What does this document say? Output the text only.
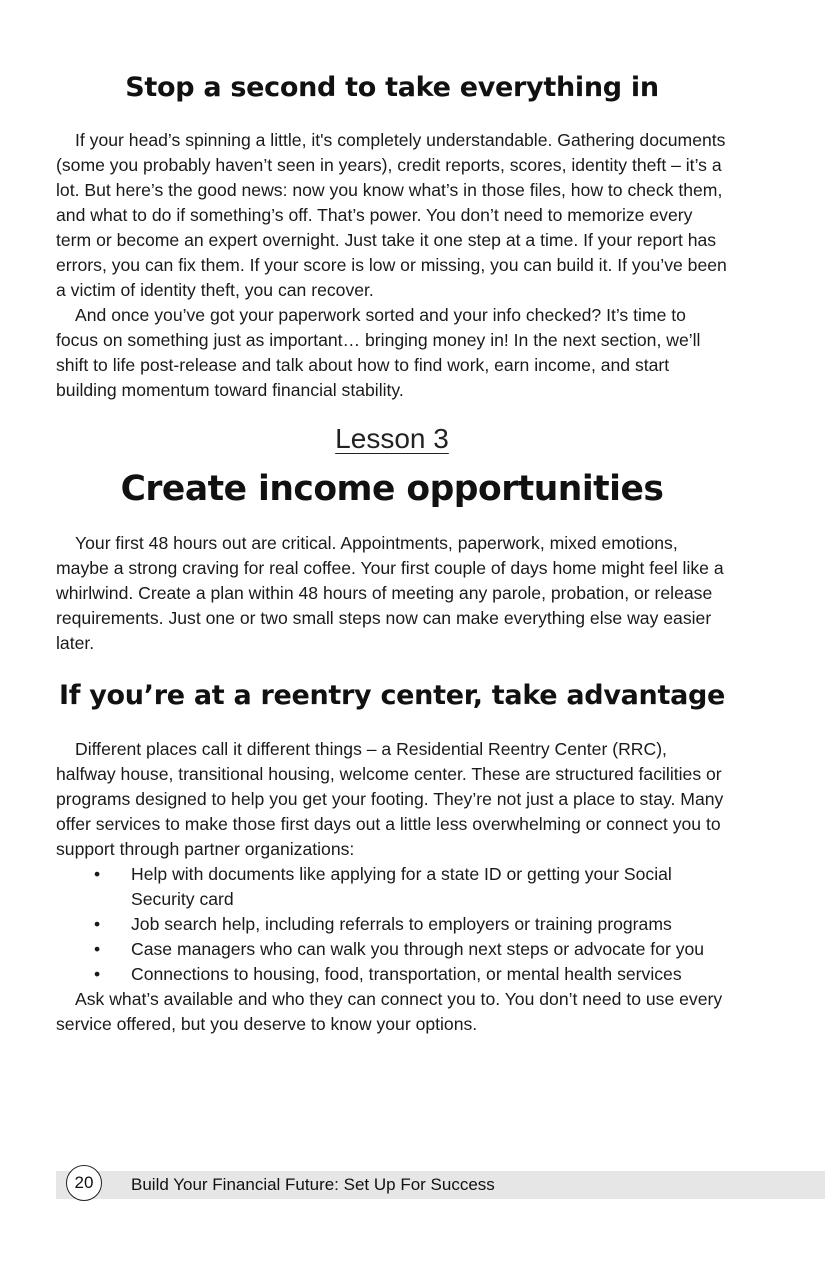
Stop a second to take everything in

If your head’s spinning a little, it's completely understandable. Gathering documents (some you probably haven’t seen in years), credit reports, scores, identity theft – it’s a lot. But here’s the good news: now you know what’s in those files, how to check them, and what to do if something’s off. That’s power. You don’t need to memorize every term or become an expert overnight. Just take it one step at a time. If your report has errors, you can fix them. If your score is low or missing, you can build it. If you’ve been a victim of identity theft, you can recover.

And once you’ve got your paperwork sorted and your info checked? It’s time to focus on something just as important… bringing money in! In the next section, we’ll shift to life post-release and talk about how to find work, earn income, and start building momentum toward financial stability.

Lesson 3
Create income opportunities

Your first 48 hours out are critical. Appointments, paperwork, mixed emotions, maybe a strong craving for real coffee. Your first couple of days home might feel like a whirlwind. Create a plan within 48 hours of meeting any parole, probation, or release requirements. Just one or two small steps now can make everything else way easier later.

If you’re at a reentry center, take advantage

Different places call it different things – a Residential Reentry Center (RRC), halfway house, transitional housing, welcome center. These are structured facilities or programs designed to help you get your footing. They’re not just a place to stay. Many offer services to make those first days out a little less overwhelming or connect you to support through partner organizations:

• Help with documents like applying for a state ID or getting your Social Security card
• Job search help, including referrals to employers or training programs
• Case managers who can walk you through next steps or advocate for you
• Connections to housing, food, transportation, or mental health services

Ask what’s available and who they can connect you to. You don’t need to use every service offered, but you deserve to know your options.

20	Build Your Financial Future: Set Up For Success
